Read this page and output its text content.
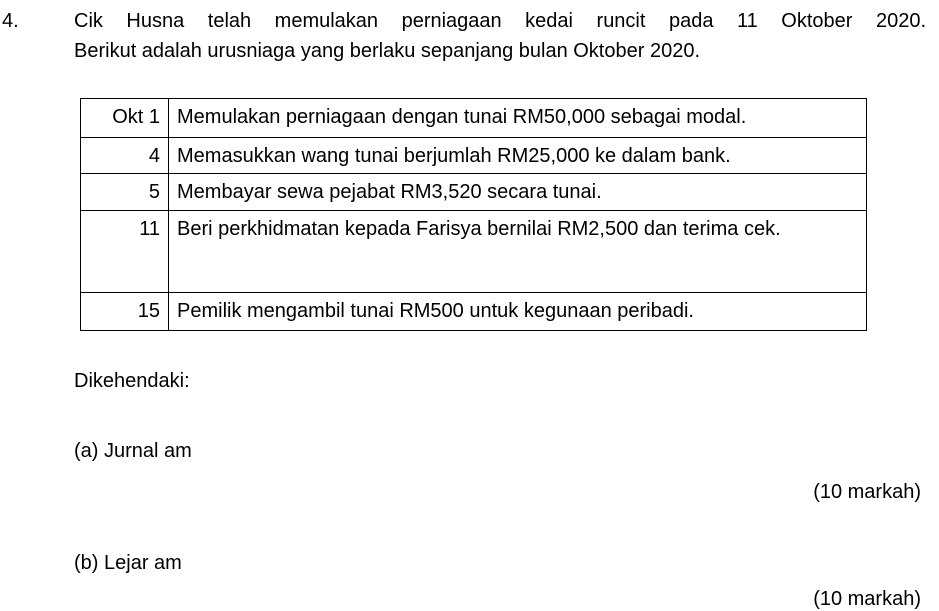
4.	Cik Husna telah memulakan perniagaan kedai runcit pada 11 Oktober 2020.

Berikut adalah urusniaga yang berlaku sepanjang bulan Oktober 2020.

Okt 1	Memulakan perniagaan dengan tunai RM50,000 sebagai modal.
4	Memasukkan wang tunai berjumlah RM25,000 ke dalam bank.
5	Membayar sewa pejabat RM3,520 secara tunai.
11	Beri perkhidmatan kepada Farisya bernilai RM2,500 dan terima cek.
15	Pemilik mengambil tunai RM500 untuk kegunaan peribadi.
Dikehendaki:
(a) Jurnal am
(10 markah)
(b) Lejar am
(10 markah)
